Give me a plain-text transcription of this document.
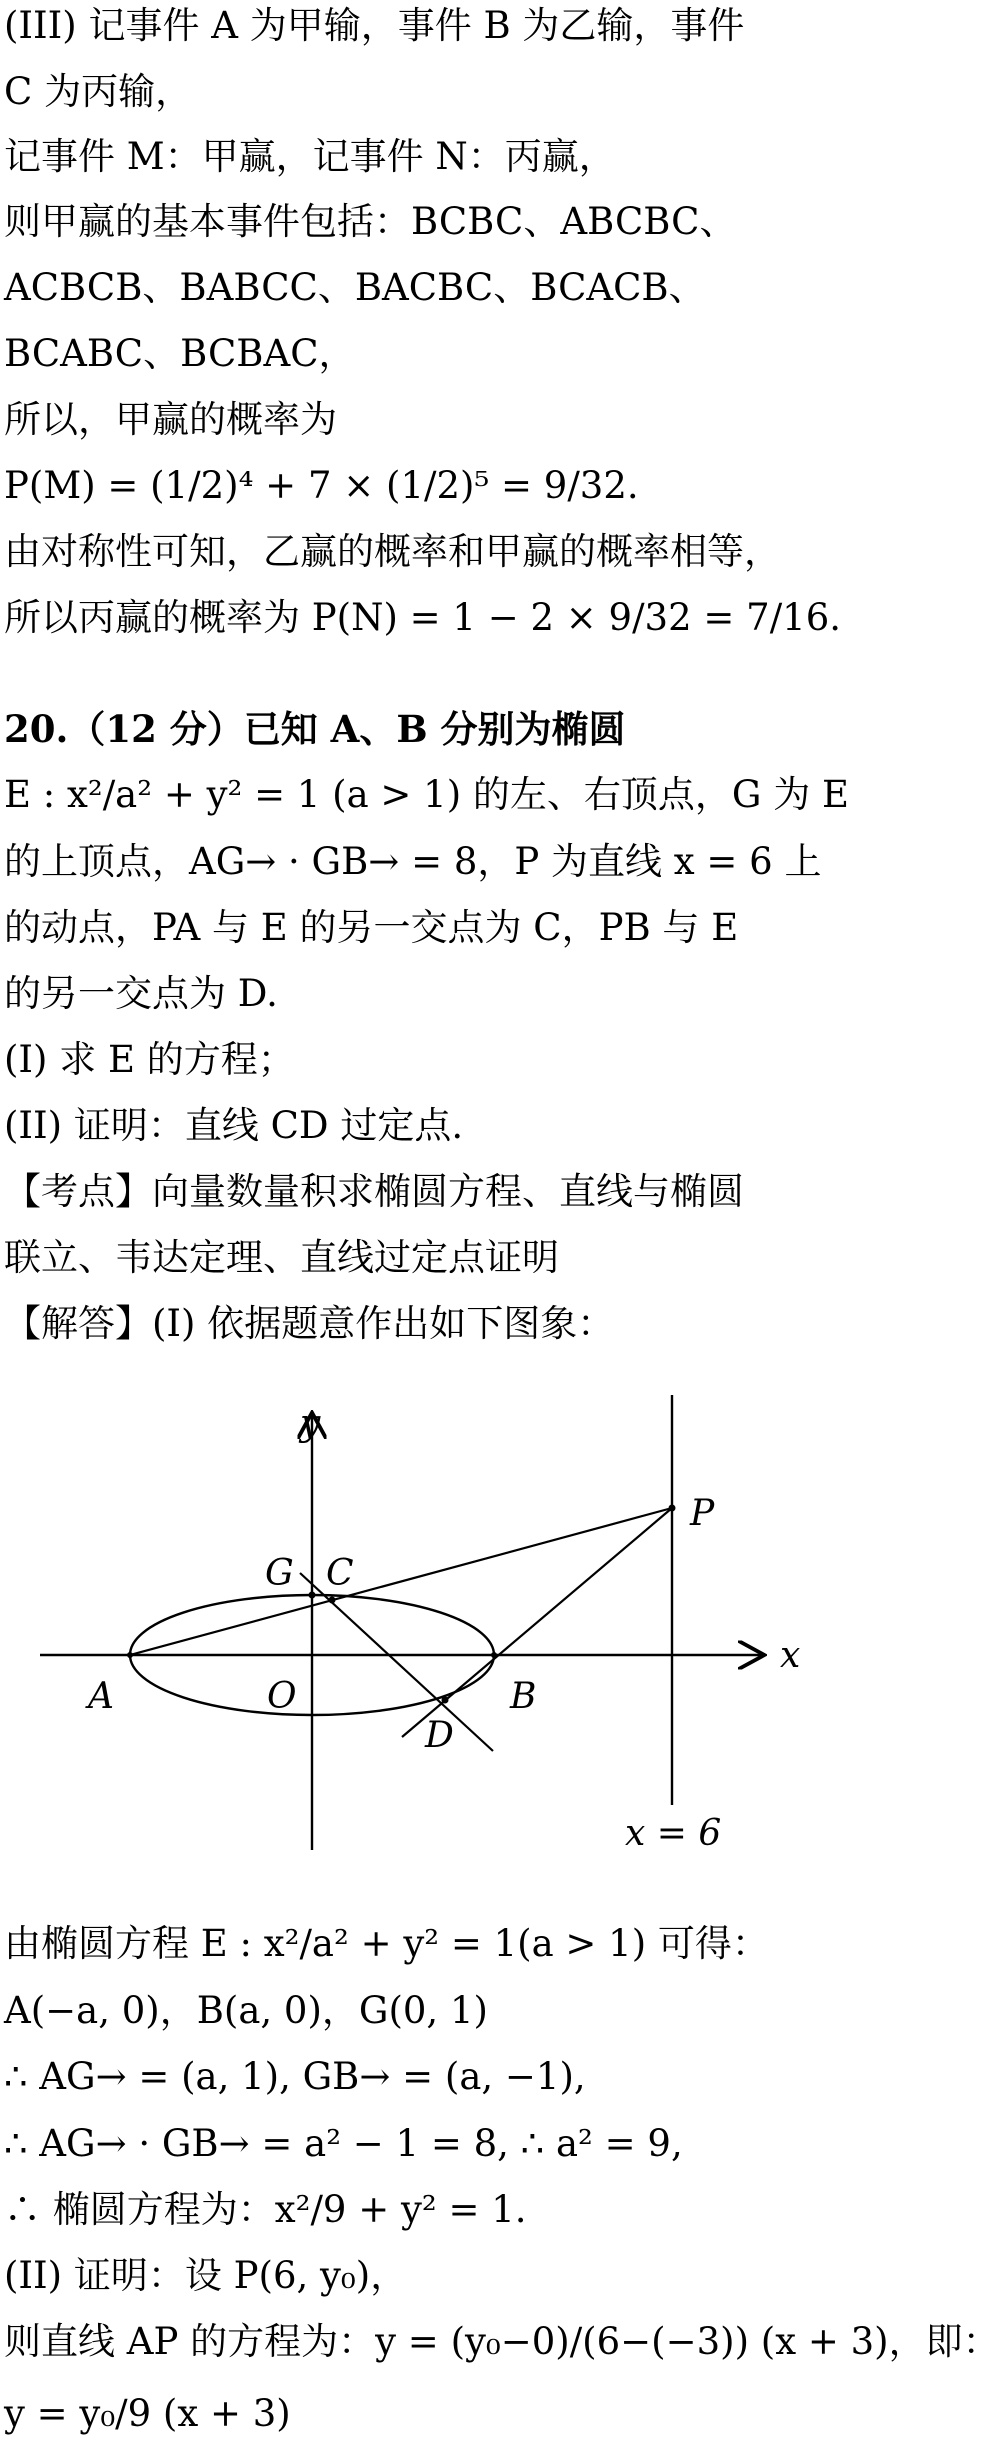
(III) 记事件 A 为甲输，事件 B 为乙输，事件
C 为丙输，
记事件 M：甲赢，记事件 N：丙赢，
则甲赢的基本事件包括：BCBC、ABCBC、
ACBCB、BABCC、BACBC、BCACB、
BCABC、BCBAC，
所以，甲赢的概率为
P(M) = (1/2)⁴ + 7 × (1/2)⁵ = 9/32.
由对称性可知，乙赢的概率和甲赢的概率相等，
所以丙赢的概率为 P(N) = 1 − 2 × 9/32 = 7/16.
20.（12 分）已知 A、B 分别为椭圆
E : x²/a² + y² = 1 (a > 1) 的左、右顶点，G 为 E
的上顶点，AG→ · GB→ = 8，P 为直线 x = 6 上
的动点，PA 与 E 的另一交点为 C，PB 与 E
的另一交点为 D.
(I) 求 E 的方程；
(II) 证明：直线 CD 过定点.
【考点】向量数量积求椭圆方程、直线与椭圆
联立、韦达定理、直线过定点证明
【解答】(I) 依据题意作出如下图象：
y
x
P
G C
A	O	B
D
x = 6
由椭圆方程 E : x²/a² + y² = 1(a > 1) 可得：
A(−a, 0)，B(a, 0)，G(0, 1)
∴ AG→ = (a, 1), GB→ = (a, −1),
∴ AG→ · GB→ = a² − 1 = 8, ∴ a² = 9,
∴ 椭圆方程为：x²/9 + y² = 1.
(II) 证明：设 P(6, y₀)，
则直线 AP 的方程为：y = (y₀−0)/(6−(−3)) (x + 3)，即：
y = y₀/9 (x + 3)
